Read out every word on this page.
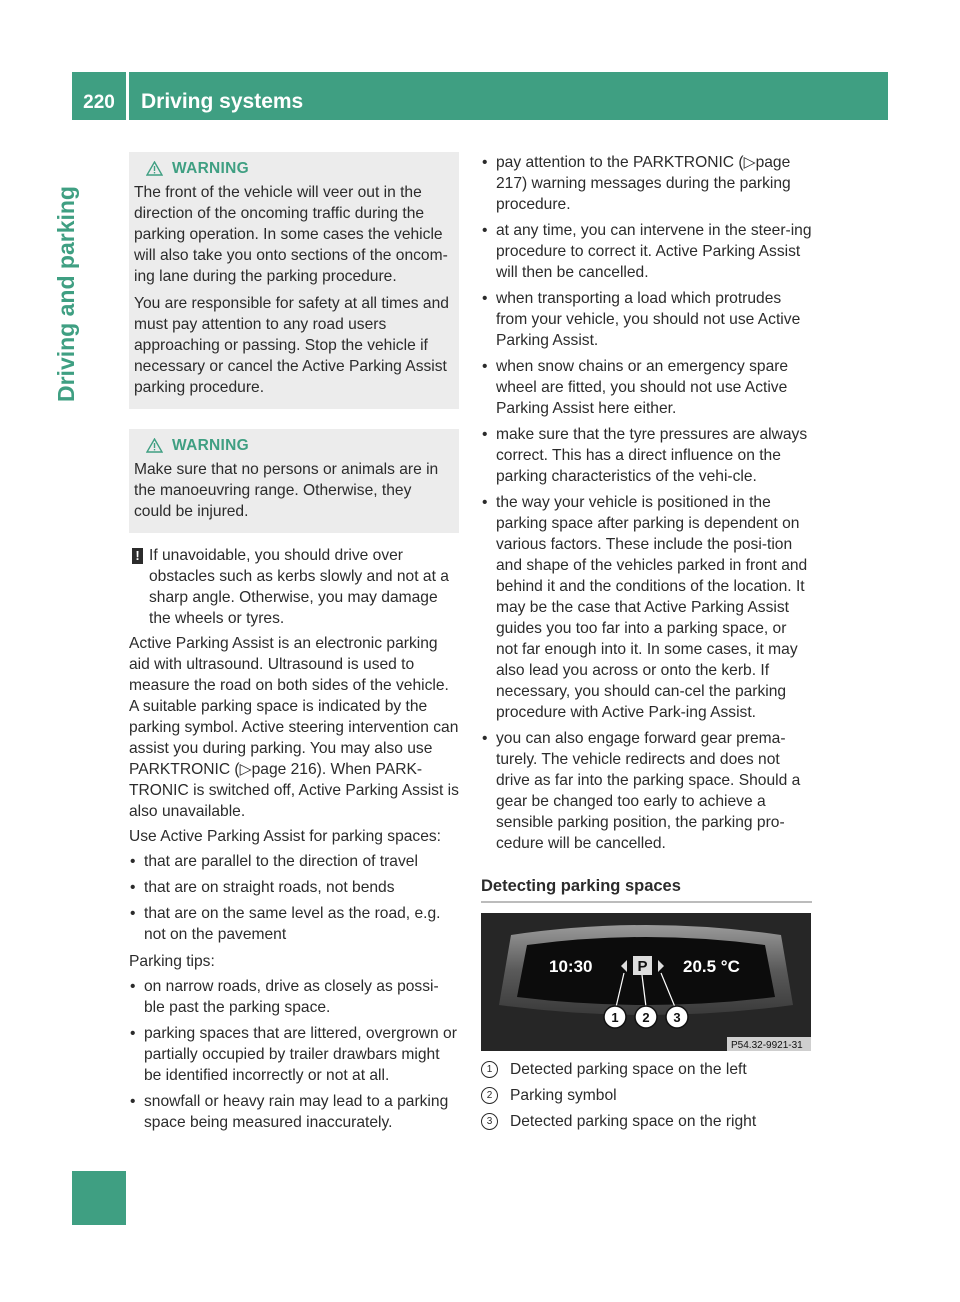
220	Driving systems
Driving and parking
WARNING

The front of the vehicle will veer out in the direction of the oncoming traffic during the parking operation. In some cases the vehicle will also take you onto sections of the oncom-ing lane during the parking procedure.

You are responsible for safety at all times and must pay attention to any road users approaching or passing. Stop the vehicle if necessary or cancel the Active Parking Assist parking procedure.

WARNING

Make sure that no persons or animals are in the manoeuvring range. Otherwise, they could be injured.

! If unavoidable, you should drive over obstacles such as kerbs slowly and not at a sharp angle. Otherwise, you may damage the wheels or tyres.

Active Parking Assist is an electronic parking aid with ultrasound. Ultrasound is used to measure the road on both sides of the vehicle. A suitable parking space is indicated by the parking symbol. Active steering intervention can assist you during parking. You may also use PARKTRONIC (▷page 216). When PARK-TRONIC is switched off, Active Parking Assist is also unavailable.

Use Active Parking Assist for parking spaces:

• that are parallel to the direction of travel
• that are on straight roads, not bends
• that are on the same level as the road, e.g. not on the pavement

Parking tips:

• on narrow roads, drive as closely as possi-ble past the parking space.
• parking spaces that are littered, overgrown or partially occupied by trailer drawbars might be identified incorrectly or not at all.
• snowfall or heavy rain may lead to a parking space being measured inaccurately.
• pay attention to the PARKTRONIC (▷page 217) warning messages during the parking procedure.
• at any time, you can intervene in the steer-ing procedure to correct it. Active Parking Assist will then be cancelled.
• when transporting a load which protrudes from your vehicle, you should not use Active Parking Assist.
• when snow chains or an emergency spare wheel are fitted, you should not use Active Parking Assist here either.
• make sure that the tyre pressures are always correct. This has a direct influence on the parking characteristics of the vehi-cle.
• the way your vehicle is positioned in the parking space after parking is dependent on various factors. These include the posi-tion and shape of the vehicles parked in front and behind it and the conditions of the location. It may be the case that Active Parking Assist guides you too far into a parking space, or not far enough into it. In some cases, it may also lead you across or onto the kerb. If necessary, you should can-cel the parking procedure with Active Park-ing Assist.
• you can also engage forward gear prema-turely. The vehicle redirects and does not drive as far into the parking space. Should a gear be changed too early to achieve a sensible parking position, the parking pro-cedure will be cancelled.
Detecting parking spaces
10:30	P 20.5 °C
1 2 3
P54.32-9921-31
1	Detected parking space on the left
2	Parking symbol
3	Detected parking space on the right
